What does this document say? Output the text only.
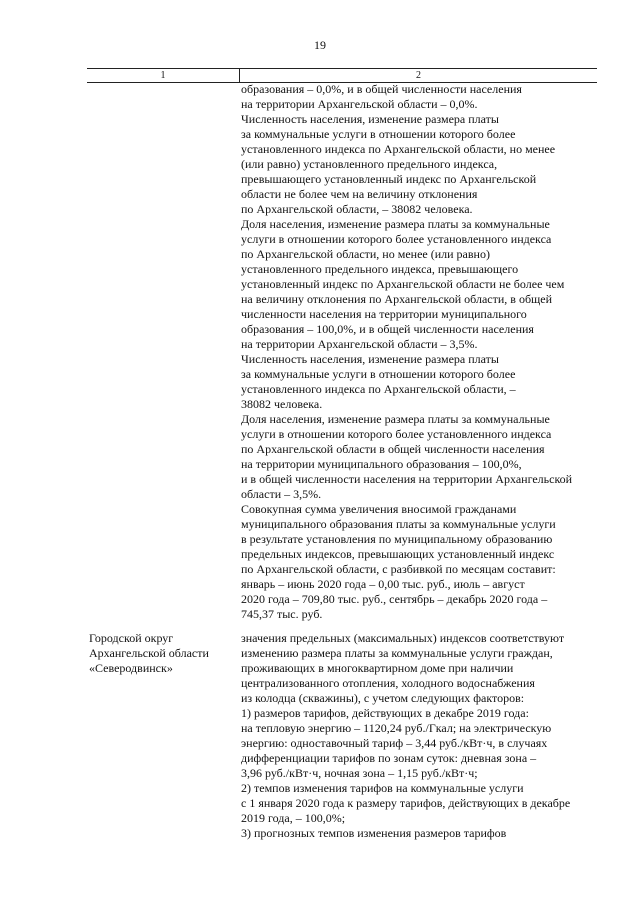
19
1	2
образования – 0,0%, и в общей численности населения
на территории Архангельской области – 0,0%.
Численность населения, изменение размера платы
за коммунальные услуги в отношении которого более
установленного индекса по Архангельской области, но менее
(или равно) установленного предельного индекса,
превышающего установленный индекс по Архангельской
области не более чем на величину отклонения
по Архангельской области, – 38082 человека.
Доля населения, изменение размера платы за коммунальные
услуги в отношении которого более установленного индекса
по Архангельской области, но менее (или равно)
установленного предельного индекса, превышающего
установленный индекс по Архангельской области не более чем
на величину отклонения по Архангельской области, в общей
численности населения на территории муниципального
образования – 100,0%, и в общей численности населения
на территории Архангельской области – 3,5%.
Численность населения, изменение размера платы
за коммунальные услуги в отношении которого более
установленного индекса по Архангельской области, –
38082 человека.
Доля населения, изменение размера платы за коммунальные
услуги в отношении которого более установленного индекса
по Архангельской области в общей численности населения
на территории муниципального образования – 100,0%,
и в общей численности населения на территории Архангельской
области – 3,5%.
Совокупная сумма увеличения вносимой гражданами
муниципального образования платы за коммунальные услуги
в результате установления по муниципальному образованию
предельных индексов, превышающих установленный индекс
по Архангельской области, с разбивкой по месяцам составит:
январь – июнь 2020 года – 0,00 тыс. руб., июль – август
2020 года – 709,80 тыс. руб., сентябрь – декабрь 2020 года –
745,37 тыс. руб.
Городской округ
Архангельской области
«Северодвинск»
значения предельных (максимальных) индексов соответствуют
изменению размера платы за коммунальные услуги граждан,
проживающих в многоквартирном доме при наличии
централизованного отопления, холодного водоснабжения
из колодца (скважины), с учетом следующих факторов:
1) размеров тарифов, действующих в декабре 2019 года:
на тепловую энергию – 1120,24 руб./Гкал; на электрическую
энергию: одноставочный тариф – 3,44 руб./кВт·ч, в случаях
дифференциации тарифов по зонам суток: дневная зона –
3,96 руб./кВт·ч, ночная зона – 1,15 руб./кВт·ч;
2) темпов изменения тарифов на коммунальные услуги
с 1 января 2020 года к размеру тарифов, действующих в декабре
2019 года, – 100,0%;
3) прогнозных темпов изменения размеров тарифов
